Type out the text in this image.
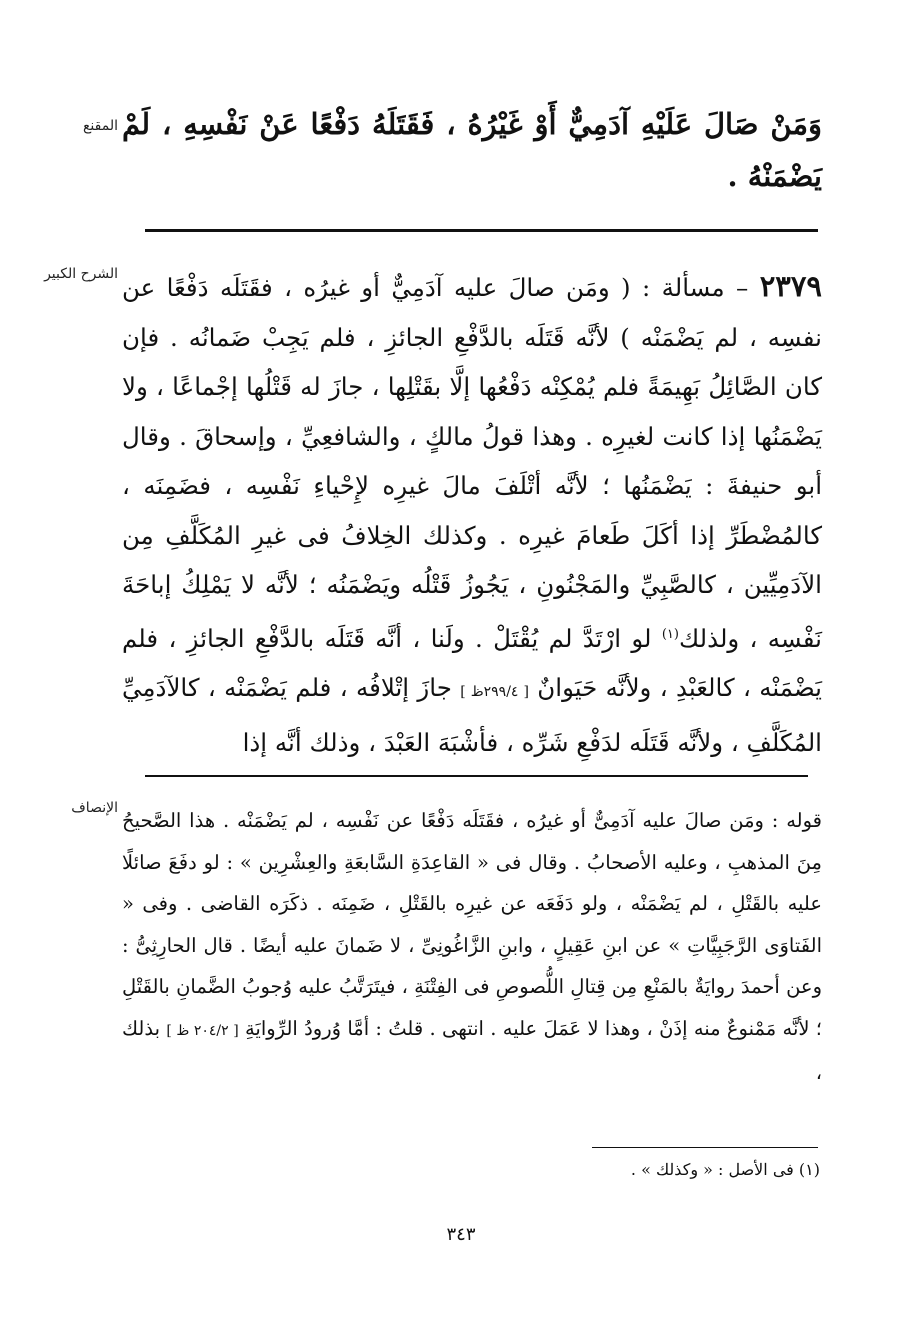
المقنع وَمَنْ صَالَ عَلَيْهِ آدَمِيٌّ أَوْ غَيْرُهُ ، فَقَتَلَهُ دَفْعًا عَنْ نَفْسِهِ ، لَمْ يَضْمَنْهُ .

الشرح الكبير	٢٣٧٩ – مسألة : ( ومَن صالَ عليه آدَمِيٌّ أو غيرُه ، فقَتَلَه دَفْعًا عن نفسِه ، لم يَضْمَنْه ) لأنَّه قَتَلَه بالدَّفْعِ الجائزِ ، فلم يَجِبْ ضَمانُه . فإن كان الصَّائِلُ بَهِيمَةً فلم يُمْكِنْه دَفْعُها إلَّا بقَتْلِها ، جازَ له قَتْلُها إجْماعًا ، ولا يَضْمَنُها إذا كانت لغيرِه . وهذا قولُ مالكٍ ، والشافعِيِّ ، وإسحاقَ . وقال أبو حنيفةَ : يَضْمَنُها ؛ لأنَّه أتْلَفَ مالَ غيرِه لإِحْياءِ نَفْسِه ، فضَمِنَه ، كالمُضْطَرِّ إذا أكَلَ طَعامَ غيرِه . وكذلك الخِلافُ فى غيرِ المُكَلَّفِ مِن الآدَمِيِّين ، كالصَّبِيِّ والمَجْنُونِ ، يَجُوزُ قَتْلُه ويَضْمَنُه ؛ لأنَّه لا يَمْلِكُ إباحَةَ نَفْسِه ، ولذلك$^{(١)}$ لو ارْتَدَّ لم يُقْتَلْ . ولَنا ، أنَّه قَتَلَه بالدَّفْعِ الجائزِ ، فلم يَضْمَنْه ، كالعَبْدِ ، ولأنَّه حَيَوانٌ [ ٢٩٩/٤ظ ] جازَ إتْلافُه ، فلم يَضْمَنْه ، كالآدَمِيِّ المُكَلَّفِ ، ولأنَّه قَتَلَه لدَفْعِ شَرِّه ، فأشْبَهَ العَبْدَ ، وذلك أنَّه إذا

الإنصاف

قوله : ومَن صالَ عليه آدَمِىٌّ أو غيرُه ، فقَتَلَه دَفْعًا عن نَفْسِه ، لم يَضْمَنْه . هذا الصَّحيحُ مِنَ المذهبِ ، وعليه الأصحابُ . وقال فى « القاعِدَةِ السَّابعَةِ والعِشْرِين » : لو دفَعَ صائلًا عليه بالقَتْلِ ، لم يَضْمَنْه ، ولو دَفَعَه عن غيرِه بالقَتْلِ ، ضَمِنَه . ذكَرَه القاضى . وفى « الفَتاوَى الرَّجَبِيَّاتِ » عن ابنِ عَقِيلٍ ، وابنِ الزَّاغُونِىِّ ، لا ضَمانَ عليه أيضًا . قال الحارِثِىُّ : وعن أحمدَ روايَةٌ بالمَنْعِ مِن قِتالِ اللُّصوصِ فى الفِتْنَةِ ، فيتَرَتَّبُ عليه وُجوبُ الضَّمانِ بالقَتْلِ ؛ لأنَّه مَمْنوعٌ منه إذَنْ ، وهذا لا عَمَلَ عليه . انتهى . قلتُ : أمَّا وُرودُ الرِّوايَةِ [ ٢٠٤/٢ ظ ] بذلك ،

(١) فى الأصل : « وكذلك » .
٣٤٣
